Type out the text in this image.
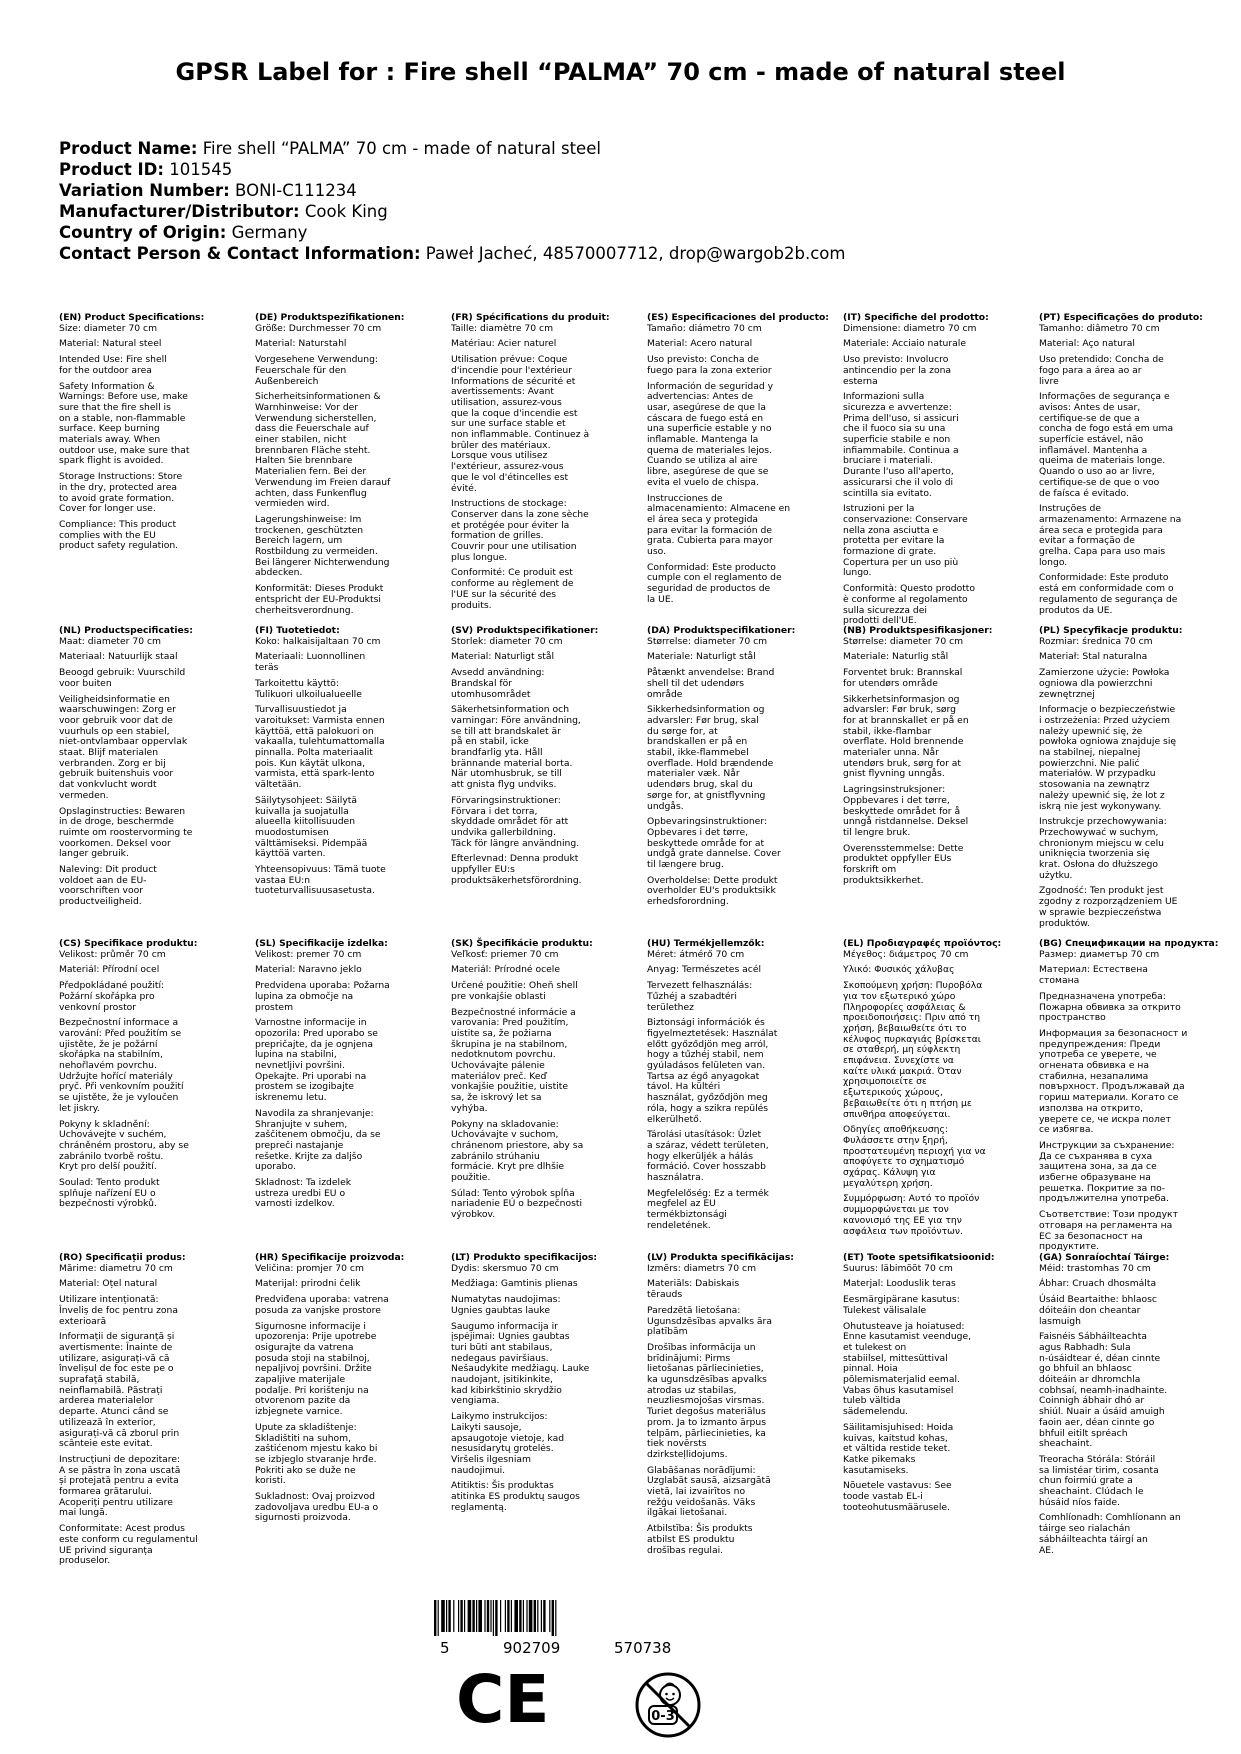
GPSR Label for : Fire shell “PALMA” 70 cm - made of natural steel
Product Name: Fire shell “PALMA” 70 cm - made of natural steel
Product ID: 101545
Variation Number: BONI-C111234
Manufacturer/Distributor: Cook King
Country of Origin: Germany
Contact Person & Contact Information: Paweł Jacheć, 48570007712, drop@wargob2b.com
(EN) Product Specifications:
Size: diameter 70 cm
Material: Natural steel
Intended Use: Fire shell
for the outdoor area
Safety Information &
Warnings: Before use, make
sure that the fire shell is
on a stable, non-flammable
surface. Keep burning
materials away. When
outdoor use, make sure that
spark flight is avoided.
Storage Instructions: Store
in the dry, protected area
to avoid grate formation.
Cover for longer use.
Compliance: This product
complies with the EU
product safety regulation.
(DE) Produktspezifikationen:
Größe: Durchmesser 70 cm
Material: Naturstahl
Vorgesehene Verwendung:
Feuerschale für den
Außenbereich
Sicherheitsinformationen &
Warnhinweise: Vor der
Verwendung sicherstellen,
dass die Feuerschale auf
einer stabilen, nicht
brennbaren Fläche steht.
Halten Sie brennbare
Materialien fern. Bei der
Verwendung im Freien darauf
achten, dass Funkenflug
vermieden wird.
Lagerungshinweise: Im
trockenen, geschützten
Bereich lagern, um
Rostbildung zu vermeiden.
Bei längerer Nichterwendung
abdecken.
Konformität: Dieses Produkt
entspricht der EU-Produktsi
cherheitsverordnung.
(FR) Spécifications du produit:
Taille: diamètre 70 cm
Matériau: Acier naturel
Utilisation prévue: Coque
d'incendie pour l'extérieur
Informations de sécurité et
avertissements: Avant
utilisation, assurez-vous
que la coque d'incendie est
sur une surface stable et
non inflammable. Continuez à
brûler des matériaux.
Lorsque vous utilisez
l'extérieur, assurez-vous
que le vol d'étincelles est
évité.
Instructions de stockage:
Conserver dans la zone sèche
et protégée pour éviter la
formation de grilles.
Couvrir pour une utilisation
plus longue.
Conformité: Ce produit est
conforme au règlement de
l'UE sur la sécurité des
produits.
(ES) Especificaciones del producto:
Tamaño: diámetro 70 cm
Material: Acero natural
Uso previsto: Concha de
fuego para la zona exterior
Información de seguridad y
advertencias: Antes de
usar, asegúrese de que la
cáscara de fuego está en
una superficie estable y no
inflamable. Mantenga la
quema de materiales lejos.
Cuando se utiliza al aire
libre, asegúrese de que se
evita el vuelo de chispa.
Instrucciones de
almacenamiento: Almacene en
el área seca y protegida
para evitar la formación de
grata. Cubierta para mayor
uso.
Conformidad: Este producto
cumple con el reglamento de
seguridad de productos de
la UE.
(IT) Specifiche del prodotto:
Dimensione: diametro 70 cm
Materiale: Acciaio naturale
Uso previsto: Involucro
antincendio per la zona
esterna
Informazioni sulla
sicurezza e avvertenze:
Prima dell'uso, si assicuri
che il fuoco sia su una
superficie stabile e non
infiammabile. Continua a
bruciare i materiali.
Durante l'uso all'aperto,
assicurarsi che il volo di
scintilla sia evitato.
Istruzioni per la
conservazione: Conservare
nella zona asciutta e
protetta per evitare la
formazione di grate.
Copertura per un uso più
lungo.
Conformità: Questo prodotto
è conforme al regolamento
sulla sicurezza dei
prodotti dell'UE.
(PT) Especificações do produto:
Tamanho: diâmetro 70 cm
Material: Aço natural
Uso pretendido: Concha de
fogo para a área ao ar
livre
Informações de segurança e
avisos: Antes de usar,
certifique-se de que a
concha de fogo está em uma
superfície estável, não
inflamável. Mantenha a
queima de materiais longe.
Quando o uso ao ar livre,
certifique-se de que o voo
de faísca é evitado.
Instruções de
armazenamento: Armazene na
área seca e protegida para
evitar a formação de
grelha. Capa para uso mais
longo.
Conformidade: Este produto
está em conformidade com o
regulamento de segurança de
produtos da UE.
(NL) Productspecificaties:
Maat: diameter 70 cm
Materiaal: Natuurlijk staal
Beoogd gebruik: Vuurschild
voor buiten
Veiligheidsinformatie en
waarschuwingen: Zorg er
voor gebruik voor dat de
vuurhuls op een stabiel,
niet-ontvlambaar oppervlak
staat. Blijf materialen
verbranden. Zorg er bij
gebruik buitenshuis voor
dat vonkvlucht wordt
vermeden.
Opslaginstructies: Bewaren
in de droge, beschermde
ruimte om roostervorming te
voorkomen. Deksel voor
langer gebruik.
Naleving: Dit product
voldoet aan de EU-
voorschriften voor
productveiligheid.
(FI) Tuotetiedot:
Koko: halkaisijaltaan 70 cm
Materiaali: Luonnollinen
teräs
Tarkoitettu käyttö:
Tulikuori ulkoilualueelle
Turvallisuustiedot ja
varoitukset: Varmista ennen
käyttöä, että palokuori on
vakaalla, tulehtumattomalla
pinnalla. Polta materiaalit
pois. Kun käytät ulkona,
varmista, että spark-lento
vältetään.
Säilytysohjeet: Säilytä
kuivalla ja suojatulla
alueella kiitollisuuden
muodostumisen
välttämiseksi. Pidempää
käyttöä varten.
Yhteensopivuus: Tämä tuote
vastaa EU:n
tuoteturvallisuusasetusta.
(SV) Produktspecifikationer:
Storlek: diameter 70 cm
Material: Naturligt stål
Avsedd användning:
Brandskal för
utomhusområdet
Säkerhetsinformation och
varningar: Före användning,
se till att brandskalet är
på en stabil, icke
brandfarlig yta. Håll
brännande material borta.
När utomhusbruk, se till
att gnista flyg undviks.
Förvaringsinstruktioner:
Förvara i det torra,
skyddade området för att
undvika gallerbildning.
Täck för längre användning.
Efterlevnad: Denna produkt
uppfyller EU:s
produktsäkerhetsförordning.
(DA) Produktspecifikationer:
Størrelse: diameter 70 cm
Materiale: Naturligt stål
Påtænkt anvendelse: Brand
shell til det udendørs
område
Sikkerhedsinformation og
advarsler: Før brug, skal
du sørge for, at
brandskallen er på en
stabil, ikke-flammebel
overflade. Hold brændende
materialer væk. Når
udendørs brug, skal du
sørge for, at gnistflyvning
undgås.
Opbevaringsinstruktioner:
Opbevares i det tørre,
beskyttede område for at
undgå grate dannelse. Cover
til længere brug.
Overholdelse: Dette produkt
overholder EU's produktsikk
erhedsforordning.
(NB) Produktspesifikasjoner:
Størrelse: diameter 70 cm
Materiale: Naturlig stål
Forventet bruk: Brannskal
for utendørs område
Sikkerhetsinformasjon og
advarsler: Før bruk, sørg
for at brannskallet er på en
stabil, ikke-flambar
overflate. Hold brennende
materialer unna. Når
utendørs bruk, sørg for at
gnist flyvning unngås.
Lagringsinstruksjoner:
Oppbevares i det tørre,
beskyttede området for å
unngå ristdannelse. Deksel
til lengre bruk.
Overensstemmelse: Dette
produktet oppfyller EUs
forskrift om
produktsikkerhet.
(PL) Specyfikacje produktu:
Rozmiar: średnica 70 cm
Materiał: Stal naturalna
Zamierzone użycie: Powłoka
ogniowa dla powierzchni
zewnętrznej
Informacje o bezpieczeństwie
i ostrzeżenia: Przed użyciem
należy upewnić się, że
powłoka ogniowa znajduje się
na stabilnej, niepalnej
powierzchni. Nie palić
materiałów. W przypadku
stosowania na zewnątrz
należy upewnić się, że lot z
iskrą nie jest wykonywany.
Instrukcje przechowywania:
Przechowywać w suchym,
chronionym miejscu w celu
uniknięcia tworzenia się
krat. Osłona do dłuższego
użytku.
Zgodność: Ten produkt jest
zgodny z rozporządzeniem UE
w sprawie bezpieczeństwa
produktów.
(CS) Specifikace produktu:
Velikost: průměr 70 cm
Materiál: Přírodní ocel
Předpokládané použití:
Požární skořápka pro
venkovní prostor
Bezpečnostní informace a
varování: Před použitím se
ujistěte, že je požární
skořápka na stabilním,
nehořlavém povrchu.
Udržujte hořící materiály
pryč. Při venkovním použití
se ujistěte, že je vyloučen
let jiskry.
Pokyny k skladnění:
Uchovávejte v suchém,
chráněném prostoru, aby se
zabránilo tvorbě roštu.
Kryt pro delší použití.
Soulad: Tento produkt
splňuje nařízení EU o
bezpečnosti výrobků.
(SL) Specifikacije izdelka:
Velikost: premer 70 cm
Material: Naravno jeklo
Predvidena uporaba: Požarna
lupina za območje na
prostem
Varnostne informacije in
opozorila: Pred uporabo se
prepričajte, da je ognjena
lupina na stabilni,
nevnetljivi površini.
Opekajte. Pri uporabi na
prostem se izogibajte
iskrenemu letu.
Navodila za shranjevanje:
Shranjujte v suhem,
zaščitenem območju, da se
prepreči nastajanje
rešetke. Krijte za daljšo
uporabo.
Skladnost: Ta izdelek
ustreza uredbi EU o
varnosti izdelkov.
(SK) Špecifikácie produktu:
Veľkosť: priemer 70 cm
Materiál: Prírodné ocele
Určené použitie: Oheň shell
pre vonkajšie oblasti
Bezpečnostné informácie a
varovania: Pred použitím,
uistite sa, že požiarna
škrupina je na stabilnom,
nedotknutom povrchu.
Uchovávajte pálenie
materiálov preč. Keď
vonkajšie použitie, uistite
sa, že iskrový let sa
vyhýba.
Pokyny na skladovanie:
Uchovávajte v suchom,
chránenom priestore, aby sa
zabránilo strúhaniu
formácie. Kryt pre dlhšie
použitie.
Súlad: Tento výrobok spĺňa
nariadenie EÚ o bezpečnosti
výrobkov.
(HU) Termékjellemzők:
Méret: átmérő 70 cm
Anyag: Természetes acél
Tervezett felhasználás:
Tűzhéj a szabadtéri
területhez
Biztonsági információk és
figyelmeztetések: Használat
előtt győződjön meg arról,
hogy a tűzhéj stabil, nem
gyúladásos felületen van.
Tartsa az égő anyagokat
távol. Ha kültéri
használat, győződjön meg
róla, hogy a szikra repülés
elkerülhető.
Tárolási utasítások: Üzlet
a száraz, védett területen,
hogy elkerüljék a hálás
formáció. Cover hosszabb
használatra.
Megfelelőség: Ez a termék
megfelel az EU
termékbiztonsági
rendeletének.
(EL) Προδιαγραφές προϊόντος:
Μέγεθος: διάμετρος 70 cm
Υλικό: Φυσικός χάλυβας
Σκοπούμενη χρήση: Πυροβόλα
για τον εξωτερικό χώρο
Πληροφορίες ασφάλειας &
προειδοποιήσεις: Πριν από τη
χρήση, βεβαιωθείτε ότι το
κέλυφος πυρκαγιάς βρίσκεται
σε σταθερή, μη εύφλεκτη
επιφάνεια. Συνεχίστε να
καίτε υλικά μακριά. Όταν
χρησιμοποιείτε σε
εξωτερικούς χώρους,
βεβαιωθείτε ότι η πτήση με
σπινθήρα αποφεύγεται.
Οδηγίες αποθήκευσης:
Φυλάσσετε στην ξηρή,
προστατευμένη περιοχή για να
αποφύγετε το σχηματισμό
σχάρας. Κάλυψη για
μεγαλύτερη χρήση.
Συμμόρφωση: Αυτό το προϊόν
συμμορφώνεται με τον
κανονισμό της ΕΕ για την
ασφάλεια των προϊόντων.
(BG) Спецификации на продукта:
Размер: диаметър 70 cm
Материал: Естествена
стомана
Предназначена употреба:
Пожарна обвивка за открито
пространство
Информация за безопасност и
предупреждения: Преди
употреба се уверете, че
огнената обвивка е на
стабилна, незапалима
повърхност. Продължавай да
гориш материали. Когато се
използва на открито,
уверете се, че искра полет
се избягва.
Инструкции за съхранение:
Да се съхранява в суха
защитена зона, за да се
избегне образуване на
решетка. Покритие за по-
продължителна употреба.
Съответствие: Този продукт
отговаря на регламента на
ЕС за безопасност на
продуктите.
(RO) Specificații produs:
Mărime: diametru 70 cm
Material: Oțel natural
Utilizare intenționată:
Înveliș de foc pentru zona
exterioară
Informații de siguranță și
avertismente: Înainte de
utilizare, asigurați-vă că
învelișul de foc este pe o
suprafață stabilă,
neinflamabilă. Păstrați
arderea materialelor
departe. Atunci când se
utilizează în exterior,
asigurați-vă că zborul prin
scânteie este evitat.
Instrucțiuni de depozitare:
A se păstra în zona uscată
și protejată pentru a evita
formarea grătarului.
Acoperiți pentru utilizare
mai lungă.
Conformitate: Acest produs
este conform cu regulamentul
UE privind siguranța
produselor.
(HR) Specifikacije proizvoda:
Veličina: promjer 70 cm
Materijal: prirodni čelik
Predviđena uporaba: vatrena
posuda za vanjske prostore
Sigurnosne informacije i
upozorenja: Prije upotrebe
osigurajte da vatrena
posuda stoji na stabilnoj,
nepaljivoj površini. Držite
zapaljive materijale
podalje. Pri korištenju na
otvorenom pazite da
izbjegnete varnice.
Upute za skladištenje:
Skladištiti na suhom,
zaštićenom mjestu kako bi
se izbjeglo stvaranje hrđe.
Pokriti ako se duže ne
koristi.
Sukladnost: Ovaj proizvod
zadovoljava uredbu EU-a o
sigurnosti proizvoda.
(LT) Produkto specifikacijos:
Dydis: skersmuo 70 cm
Medžiaga: Gamtinis plienas
Numatytas naudojimas:
Ugnies gaubtas lauke
Saugumo informacija ir
įspėjimai: Ugnies gaubtas
turi būti ant stabilaus,
nedegaus paviršiaus.
Nešaudykite medžiagų. Lauke
naudojant, įsitikinkite,
kad kibirkštinio skrydžio
vengiama.
Laikymo instrukcijos:
Laikyti sausoje,
apsaugotoje vietoje, kad
nesusidarytų grotelės.
Viršelis ilgesniam
naudojimui.
Atitiktis: Šis produktas
atitinka ES produktų saugos
reglamentą.
(LV) Produkta specifikācijas:
Izmērs: diametrs 70 cm
Materiāls: Dabiskais
tērauds
Paredzētā lietošana:
Ugunsdzēsības apvalks āra
platībām
Drošības informācija un
brīdinājumi: Pirms
lietošanas pārliecinieties,
ka ugunsdzēsības apvalks
atrodas uz stabilas,
neuzliesmojošas virsmas.
Turiet degošus materiālus
prom. Ja to izmanto ārpus
telpām, pārliecinieties, ka
tiek novērsts
dzirksteļlidojums.
Glabāšanas norādījumi:
Uzglabāt sausā, aizsargātā
vietā, lai izvairītos no
režģu veidošanās. Vāks
ilgākai lietošanai.
Atbilstība: Šis produkts
atbilst ES produktu
drošības regulai.
(ET) Toote spetsifikatsioonid:
Suurus: läbimõõt 70 cm
Materjal: Looduslik teras
Eesmärgipärane kasutus:
Tulekest välisalale
Ohutusteave ja hoiatused:
Enne kasutamist veenduge,
et tulekest on
stabiilsel, mittesüttival
pinnal. Hoia
põlemismaterjalid eemal.
Vabas õhus kasutamisel
tuleb vältida
sädemelendu.
Säilitamisjuhised: Hoida
kuivas, kaitstud kohas,
et vältida restide teket.
Katke pikemaks
kasutamiseks.
Nõuetele vastavus: See
toode vastab EL-i
tooteohutusmäärusele.
(GA) Sonraíochtaí Táirge:
Méid: trastomhas 70 cm
Ábhar: Cruach dhosmálta
Úsáid Beartaithe: bhlaosc
dóiteáin don cheantar
lasmuigh
Faisnéis Sábháilteachta
agus Rabhadh: Sula
n-úsáidtear é, déan cinnte
go bhfuil an bhlaosc
dóiteáin ar dhromchla
cobhsaí, neamh-inadhainte.
Coinnigh ábhair dhó ar
shiúl. Nuair a úsáid amuigh
faoin aer, déan cinnte go
bhfuil eitilt spréach
sheachaint.
Treoracha Stórála: Stóráil
sa limistéar tirim, cosanta
chun foirmiú grate a
sheachaint. Clúdach le
húsáid níos faide.
Comhlíonadh: Comhlíonann an
táirge seo rialachán
sábháilteachta táirgí an
AE.
5	902709	570738
CE	0-3
